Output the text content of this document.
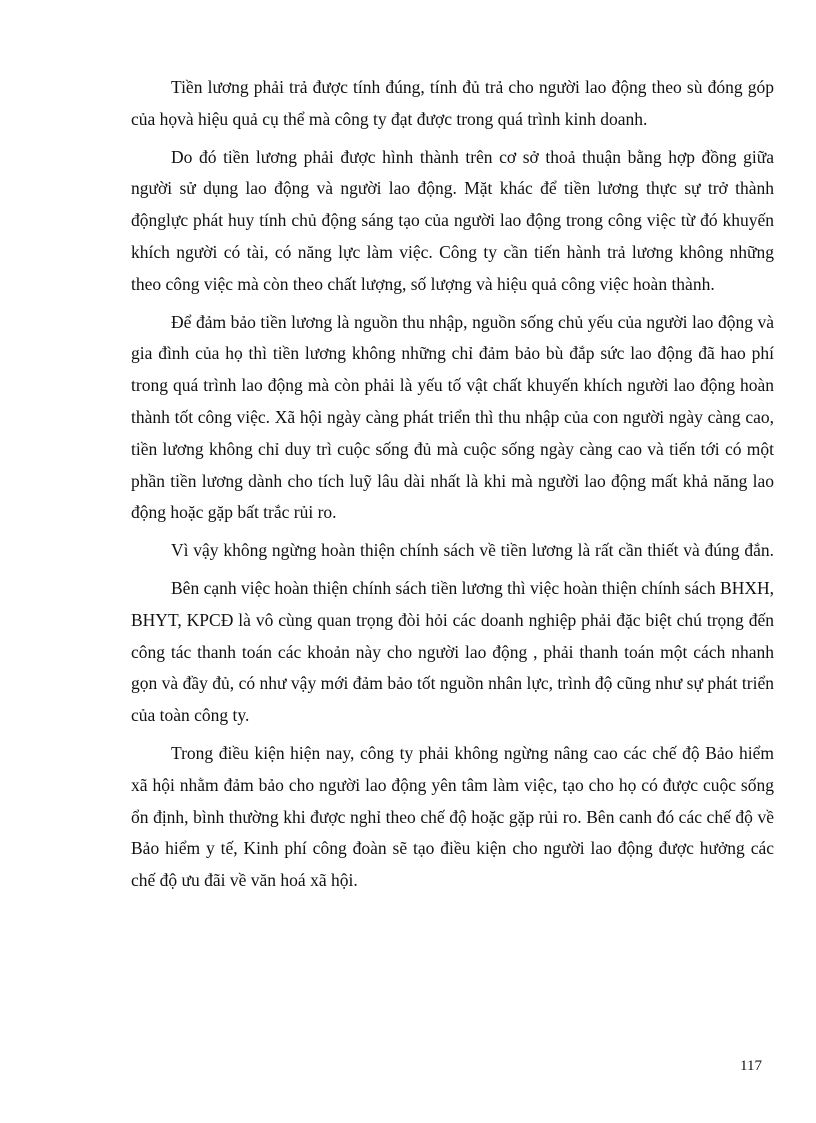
Tiền lương phải trả được tính đúng, tính đủ trả cho người lao động theo sù đóng góp của họvà hiệu quả cụ thể mà công ty đạt được trong quá trình kinh doanh.

Do đó tiền lương phải được hình thành trên cơ sở thoả thuận bằng hợp đồng giữa người sử dụng lao động và người lao động. Mặt khác để tiền lương thực sự trở thành độnglực phát huy tính chủ động sáng tạo của người lao động trong công việc từ đó khuyến khích người có tài, có năng lực làm việc. Công ty cần tiến hành trả lương không những theo công việc mà còn theo chất lượng, số lượng và hiệu quả công việc hoàn thành.

Để đảm bảo tiền lương là nguồn thu nhập, nguồn sống chủ yếu của người lao động và gia đình của họ thì tiền lương không những chỉ đảm bảo bù đắp sức lao động đã hao phí trong quá trình lao động mà còn phải là yếu tố vật chất khuyến khích người lao động hoàn thành tốt công việc. Xã hội ngày càng phát triển thì thu nhập của con người ngày càng cao, tiền lương không chỉ duy trì cuộc sống đủ mà cuộc sống ngày càng cao và tiến tới có một phần tiền lương dành cho tích luỹ lâu dài nhất là khi mà người lao động mất khả năng lao động hoặc gặp bất trắc rủi ro.

Vì vậy không ngừng hoàn thiện chính sách về tiền lương là rất cần thiết và đúng đắn.

Bên cạnh việc hoàn thiện chính sách tiền lương thì việc hoàn thiện chính sách BHXH, BHYT, KPCĐ là vô cùng quan trọng đòi hỏi các doanh nghiệp phải đặc biệt chú trọng đến công tác thanh toán các khoản này cho người lao động , phải thanh toán một cách nhanh gọn và đầy đủ, có như vậy mới đảm bảo tốt nguồn nhân lực, trình độ cũng như sự phát triển của toàn công ty.

Trong điều kiện hiện nay, công ty phải không ngừng nâng cao các chế độ Bảo hiểm xã hội nhằm đảm bảo cho người lao động yên tâm làm việc, tạo cho họ có được cuộc sống ổn định, bình thường khi được nghỉ theo chế độ hoặc gặp rủi ro. Bên canh đó các chế độ về Bảo hiểm y tế, Kinh phí công đoàn sẽ tạo điều kiện cho người lao động được hưởng các chế độ ưu đãi về văn hoá xã hội.

117
